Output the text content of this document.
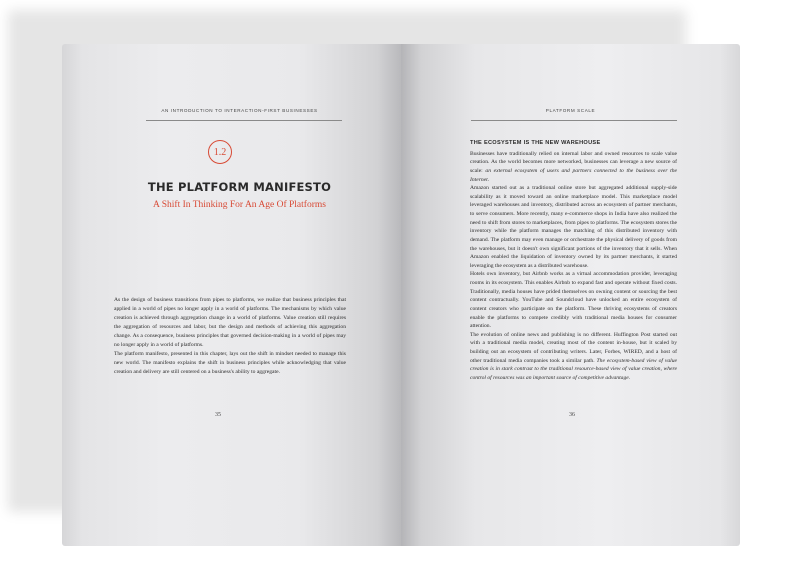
AN INTRODUCTION TO INTERACTION-FIRST BUSINESSES
1.2
THE PLATFORM MANIFESTO
A Shift In Thinking For An Age Of Platforms

As the design of business transitions from pipes to platforms, we realize that business principles that applied in a world of pipes no longer apply in a world of platforms. The mechanisms by which value creation is achieved through aggregation change in a world of platforms. Value creation still requires the aggregation of resources and labor, but the design and methods of achieving this aggregation change. As a consequence, business principles that governed decision-making in a world of pipes may no longer apply in a world of platforms.

The platform manifesto, presented in this chapter, lays out the shift in mindset needed to manage this new world. The manifesto explains the shift in business principles while acknowledging that value creation and delivery are still centered on a business's ability to aggregate.

35
PLATFORM SCALE
THE ECOSYSTEM IS THE NEW WAREHOUSE

Businesses have traditionally relied on internal labor and owned resources to scale value creation. As the world becomes more networked, businesses can leverage a new source of scale: an external ecosystem of users and partners connected to the business over the Internet.

Amazon started out as a traditional online store but aggregated additional supply-side scalability as it moved toward an online marketplace model. This marketplace model leveraged warehouses and inventory, distributed across an ecosystem of partner merchants, to serve consumers. More recently, many e-commerce shops in India have also realized the need to shift from stores to marketplaces, from pipes to platforms. The ecosystem stores the inventory while the platform manages the matching of this distributed inventory with demand. The platform may even manage or orchestrate the physical delivery of goods from the warehouses, but it doesn't own significant portions of the inventory that it sells. When Amazon enabled the liquidation of inventory owned by its partner merchants, it started leveraging the ecosystem as a distributed warehouse.

Hotels own inventory, but Airbnb works as a virtual accommodation provider, leveraging rooms in its ecosystem. This enables Airbnb to expand fast and operate without fixed costs. Traditionally, media houses have prided themselves on owning content or sourcing the best content contractually. YouTube and Soundcloud have unlocked an entire ecosystem of content creators who participate on the platform. These thriving ecosystems of creators enable the platforms to compete credibly with traditional media houses for consumer attention.

The evolution of online news and publishing is no different. Huffington Post started out with a traditional media model, creating most of the content in-house, but it scaled by building out an ecosystem of contributing writers. Later, Forbes, WIRED, and a host of other traditional media companies took a similar path. The ecosystem-based view of value creation is in stark contrast to the traditional resource-based view of value creation, where control of resources was an important source of competitive advantage.

36
